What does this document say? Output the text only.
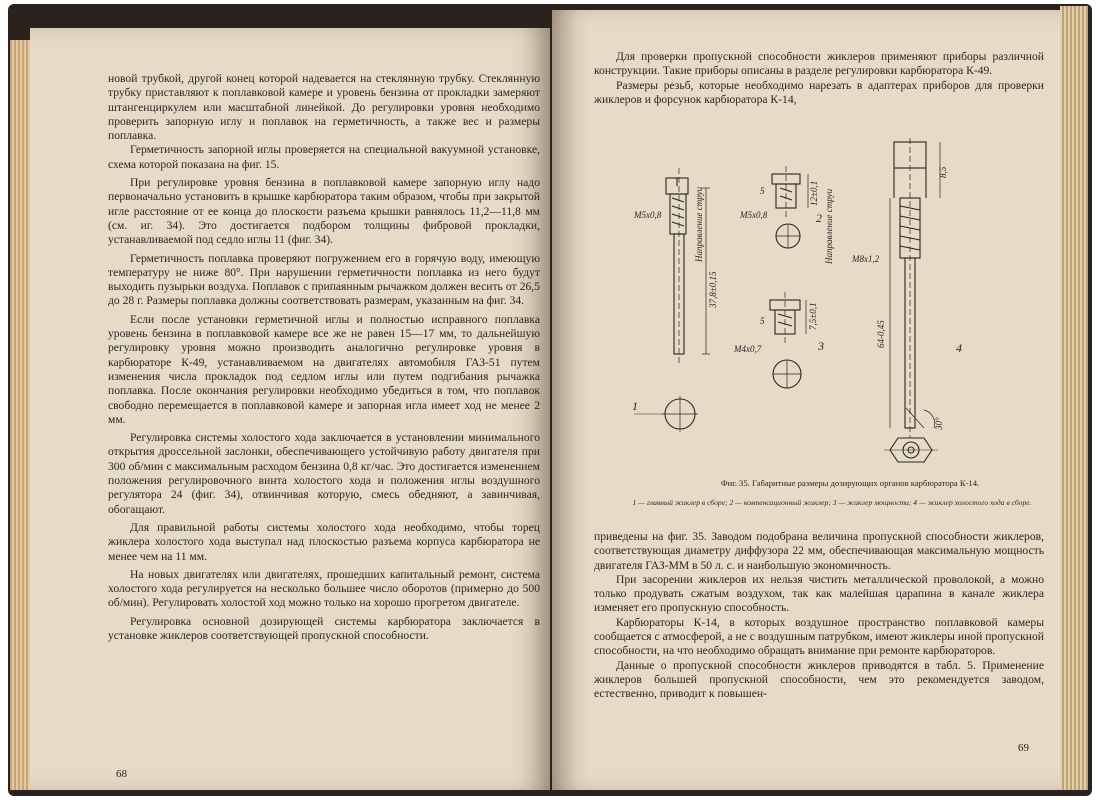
новой трубкой, другой конец которой надевается на стеклянную трубку. Стеклянную трубку приставляют к поплавковой камере и уровень бензина от прокладки замеряют штангенциркулем или масштабной линейкой. До регулировки уровня необходимо проверить запорную иглу и поплавок на герметичность, а также вес и размеры поплавка.

Герметичность запорной иглы проверяется на специальной вакуумной установке, схема которой показана на фиг. 15.

При регулировке уровня бензина в поплавковой камере запорную иглу надо первоначально установить в крышке карбюратора таким образом, чтобы при закрытой игле расстояние от ее конца до плоскости разъема крышки равнялось 11,2—11,8 мм (см. иг. 34). Это достигается подбором толщины фибровой прокладки, устанавливаемой под седло иглы 11 (фиг. 34).

Герметичность поплавка проверяют погружением его в горячую воду, имеющую температуру не ниже 80°. При нарушении герметичности поплавка из него будут выходить пузырьки воздуха. Поплавок с припаянным рычажком должен весить от 26,5 до 28 г. Размеры поплавка должны соответствовать размерам, указанным на фиг. 34.

Если после установки герметичной иглы и полностью исправного поплавка уровень бензина в поплавковой камере все же не равен 15—17 мм, то дальнейшую регулировку уровня можно производить аналогично регулировке уровня в карбюраторе К-49, устанавливаемом на двигателях автомобиля ГАЗ-51 путем изменения числа прокладок под седлом иглы или путем подгибания рычажка поплавка. После окончания регулировки необходимо убедиться в том, что поплавок свободно перемещается в поплавковой камере и запорная игла имеет ход не менее 2 мм.

Регулировка системы холостого хода заключается в установлении минимального открытия дроссельной заслонки, обеспечивающего устойчивую работу двигателя при 300 об/мин с максимальным расходом бензина 0,8 кг/час. Это достигается изменением положения регулировочного винта холостого хода и положения иглы воздушного регулятора 24 (фиг. 34), отвинчивая которую, смесь обедняют, а завинчивая, обогащают.

Для правильной работы системы холостого хода необходимо, чтобы торец жиклера холостого хода выступал над плоскостью разъема корпуса карбюратора не менее чем на 11 мм.

На новых двигателях или двигателях, прошедших капитальный ремонт, система холостого хода регулируется на несколько большее число оборотов (примерно до 500 об/мин). Регулировать холостой ход можно только на хорошо прогретом двигателе.

Регулировка основной дозирующей системы карбюратора заключается в установке жиклеров соответствующей пропускной способности.

68

Для проверки пропускной способности жиклеров применяют приборы различной конструкции. Такие приборы описаны в разделе регулировки карбюратора К-49.

Размеры резьб, которые необходимо нарезать в адаптерах приборов для проверки жиклеров и форсунок карбюратора К-14,

M5x0,8
37,8±0,15
Направление струи
1
5	12±0,1
M5x0,8	2
5	7,5±0,1
M4x0,7	3
Направление струи
8,5
M8x1,2
64-0,45	4
30°
Фиг. 35. Габаритные размеры дозирующих органов карбюратора К-14.
1 — главный жиклер в сборе; 2 — компенсационный жиклер; 3 — жиклер мощности; 4 — жиклер холостого хода в сборе.

приведены на фиг. 35. Заводом подобрана величина пропускной способности жиклеров, соответствующая диаметру диффузора 22 мм, обеспечивающая максимальную мощность двигателя ГАЗ-ММ в 50 л. с. и наибольшую экономичность.

При засорении жиклеров их нельзя чистить металлической проволокой, а можно только продувать сжатым воздухом, так как малейшая царапина в канале жиклера изменяет его пропускную способность.

Карбюраторы К-14, в которых воздушное пространство поплавковой камеры сообщается с атмосферой, а не с воздушным патрубком, имеют жиклеры иной пропускной способности, на что необходимо обращать внимание при ремонте карбюраторов.

Данные о пропускной способности жиклеров приводятся в табл. 5. Применение жиклеров большей пропускной способности, чем это рекомендуется заводом, естественно, приводит к повышен-

69
